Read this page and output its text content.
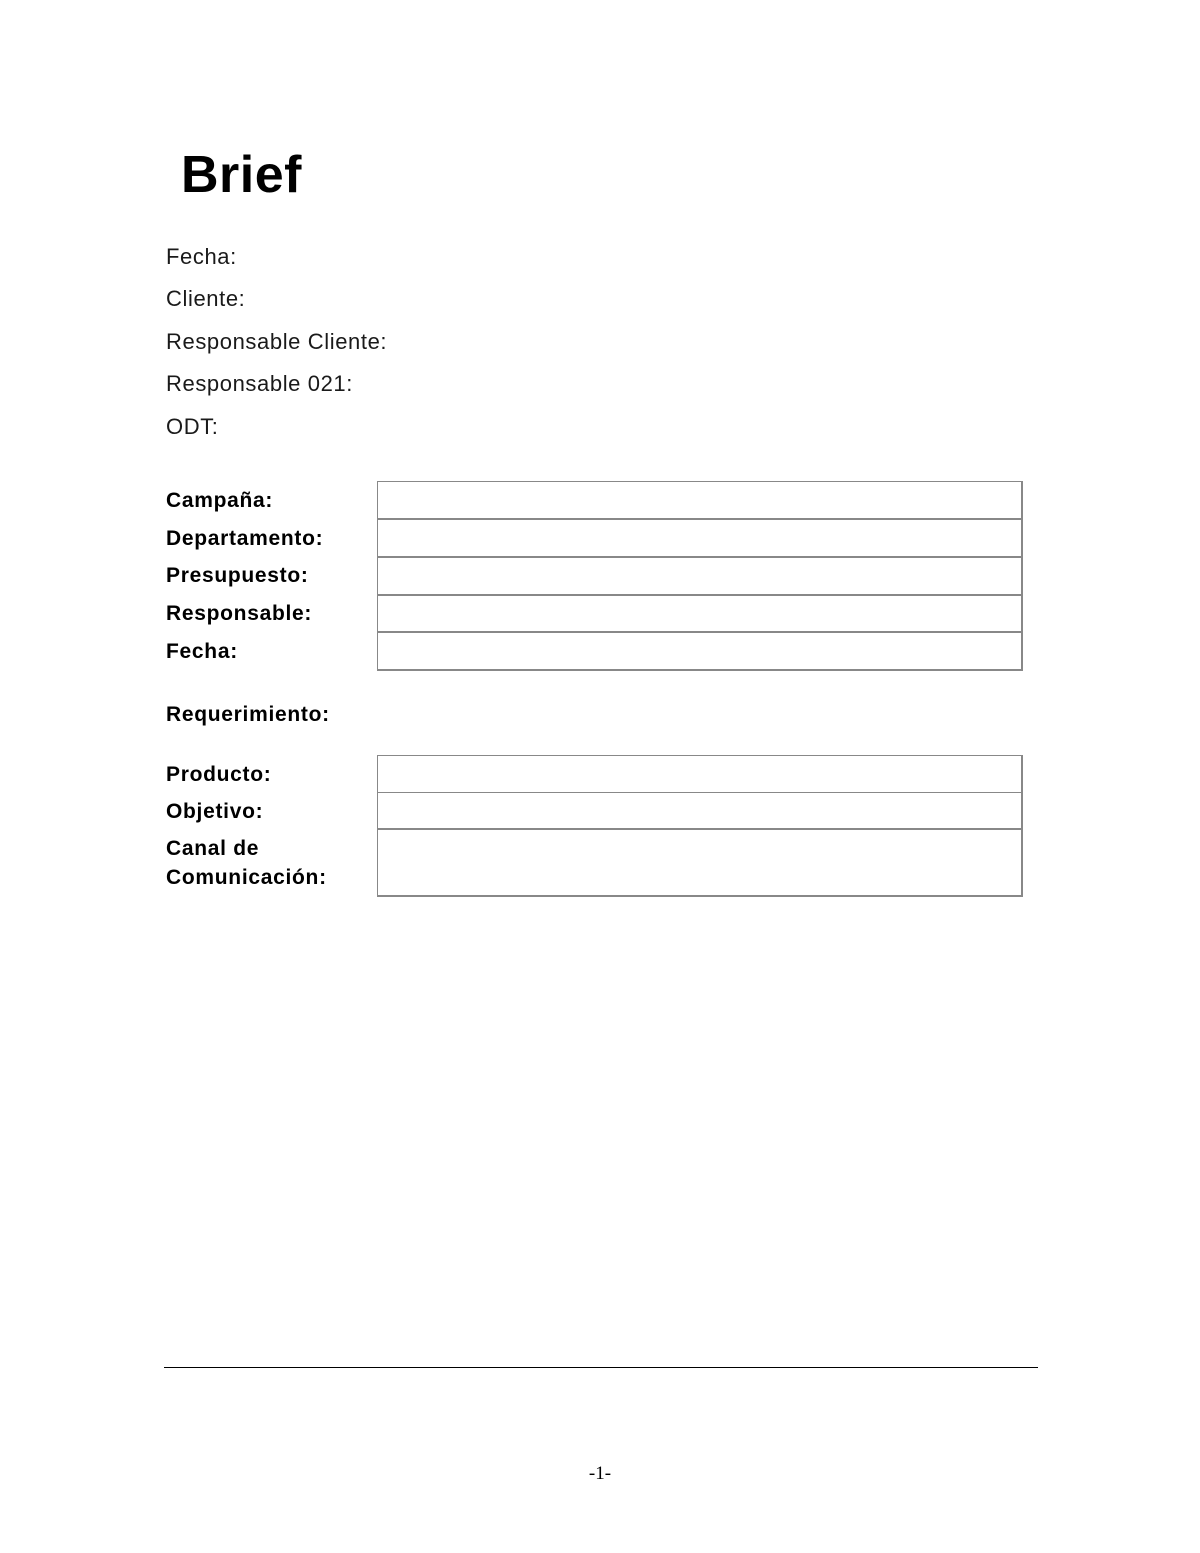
Brief
Fecha:
Cliente:
Responsable Cliente:
Responsable 021:
ODT:
Campaña:
Departamento:
Presupuesto:
Responsable:
Fecha:
Requerimiento:
Producto:
Objetivo:
Canal de
Comunicación:
-1-
